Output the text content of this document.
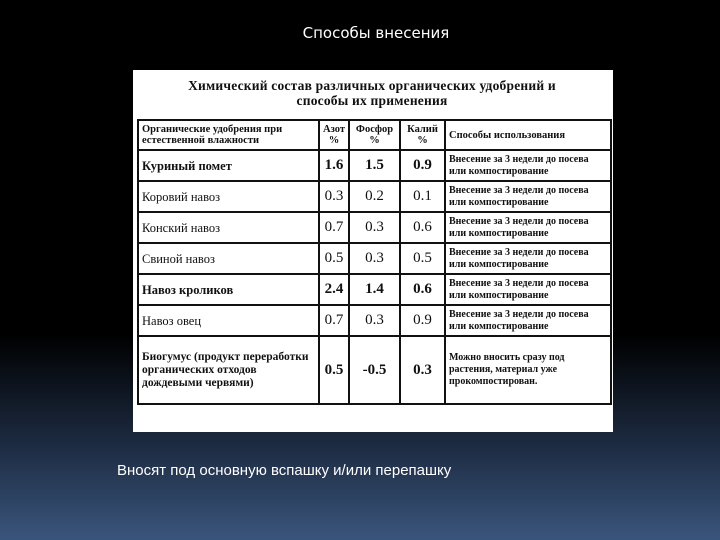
Способы внесения
Химический состав различных органических удобрений и
способы их применения
Органические удобрения при естественной влажности	Азот %	Фосфор %	Калий %	Способы использования
Куриный помет	1.6	1.5	0.9	Внесение за 3 недели до посева или компостирование
Коровий навоз	0.3	0.2	0.1	Внесение за 3 недели до посева или компостирование
Конский навоз	0.7	0.3	0.6	Внесение за 3 недели до посева или компостирование
Свиной навоз	0.5	0.3	0.5	Внесение за 3 недели до посева или компостирование
Навоз кроликов	2.4	1.4	0.6	Внесение за 3 недели до посева или компостирование
Навоз овец	0.7	0.3	0.9	Внесение за 3 недели до посева или компостирование
Биогумус (продукт переработки органических отходов дождевыми червями)	0.5	-0.5	0.3	Можно вносить сразу под растения, материал уже прокомпостирован.
Вносят под основную вспашку и/или перепашку
